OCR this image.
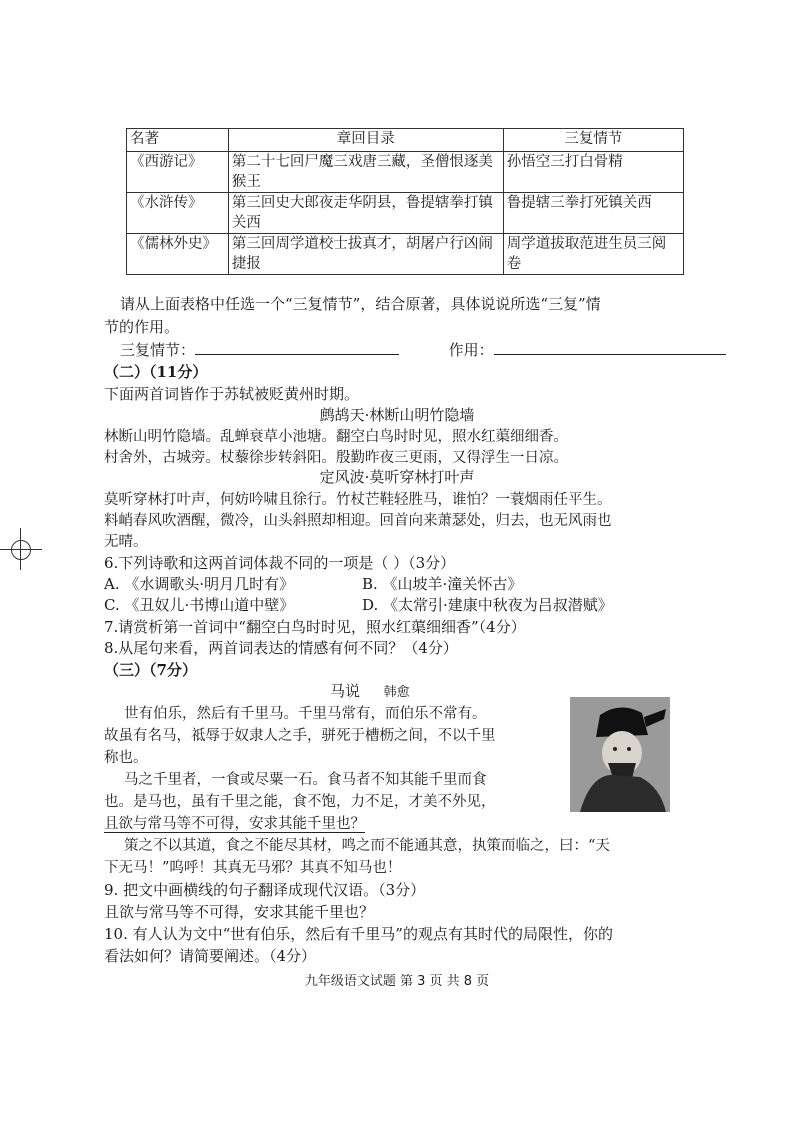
名著	章回目录	三复情节
《西游记》	第二十七回尸魔三戏唐三藏，圣僧恨逐美猴王	孙悟空三打白骨精
《水浒传》	第三回史大郎夜走华阴县，鲁提辖拳打镇关西	鲁提辖三拳打死镇关西
《儒林外史》	第三回周学道校士拔真才，胡屠户行凶闹捷报	周学道拔取范进生员三阅卷
请从上面表格中任选一个“三复情节”，结合原著，具体说说所选“三复”情
节的作用。
三复情节：	作用：
（二）（11分）
下面两首词皆作于苏轼被贬黄州时期。
鹧鸪天·林断山明竹隐墙
林断山明竹隐墙。乱蝉衰草小池塘。翻空白鸟时时见，照水红蕖细细香。
村舍外，古城旁。杖藜徐步转斜阳。殷勤昨夜三更雨，又得浮生一日凉。
定风波·莫听穿林打叶声
莫听穿林打叶声，何妨吟啸且徐行。竹杖芒鞋轻胜马，谁怕？一蓑烟雨任平生。
料峭春风吹酒醒，微冷，山头斜照却相迎。回首向来萧瑟处，归去，也无风雨也
无晴。
6.下列诗歌和这两首词体裁不同的一项是（ ）（3分）
A. 《水调歌头·明月几时有》	B. 《山坡羊·潼关怀古》
C. 《丑奴儿·书博山道中壁》	D. 《太常引·建康中秋夜为吕叔潜赋》
7.请赏析第一首词中“翻空白鸟时时见，照水红蕖细细香”（4分）
8.从尾句来看，两首词表达的情感有何不同？（4分）
（三）（7分）
马说 韩愈
世有伯乐，然后有千里马。千里马常有，而伯乐不常有。
故虽有名马，祗辱于奴隶人之手，骈死于槽枥之间，不以千里
称也。
马之千里者，一食或尽粟一石。食马者不知其能千里而食
也。是马也，虽有千里之能，食不饱，力不足，才美不外见，
且欲与常马等不可得，安求其能千里也？
策之不以其道，食之不能尽其材，鸣之而不能通其意，执策而临之，曰：“天
下无马！”呜呼！其真无马邪？其真不知马也！
9. 把文中画横线的句子翻译成现代汉语。（3分）
且欲与常马等不可得，安求其能千里也？
10. 有人认为文中“世有伯乐，然后有千里马”的观点有其时代的局限性，你的
看法如何？请简要阐述。（4分）
九年级语文试题 第 3 页 共 8 页
